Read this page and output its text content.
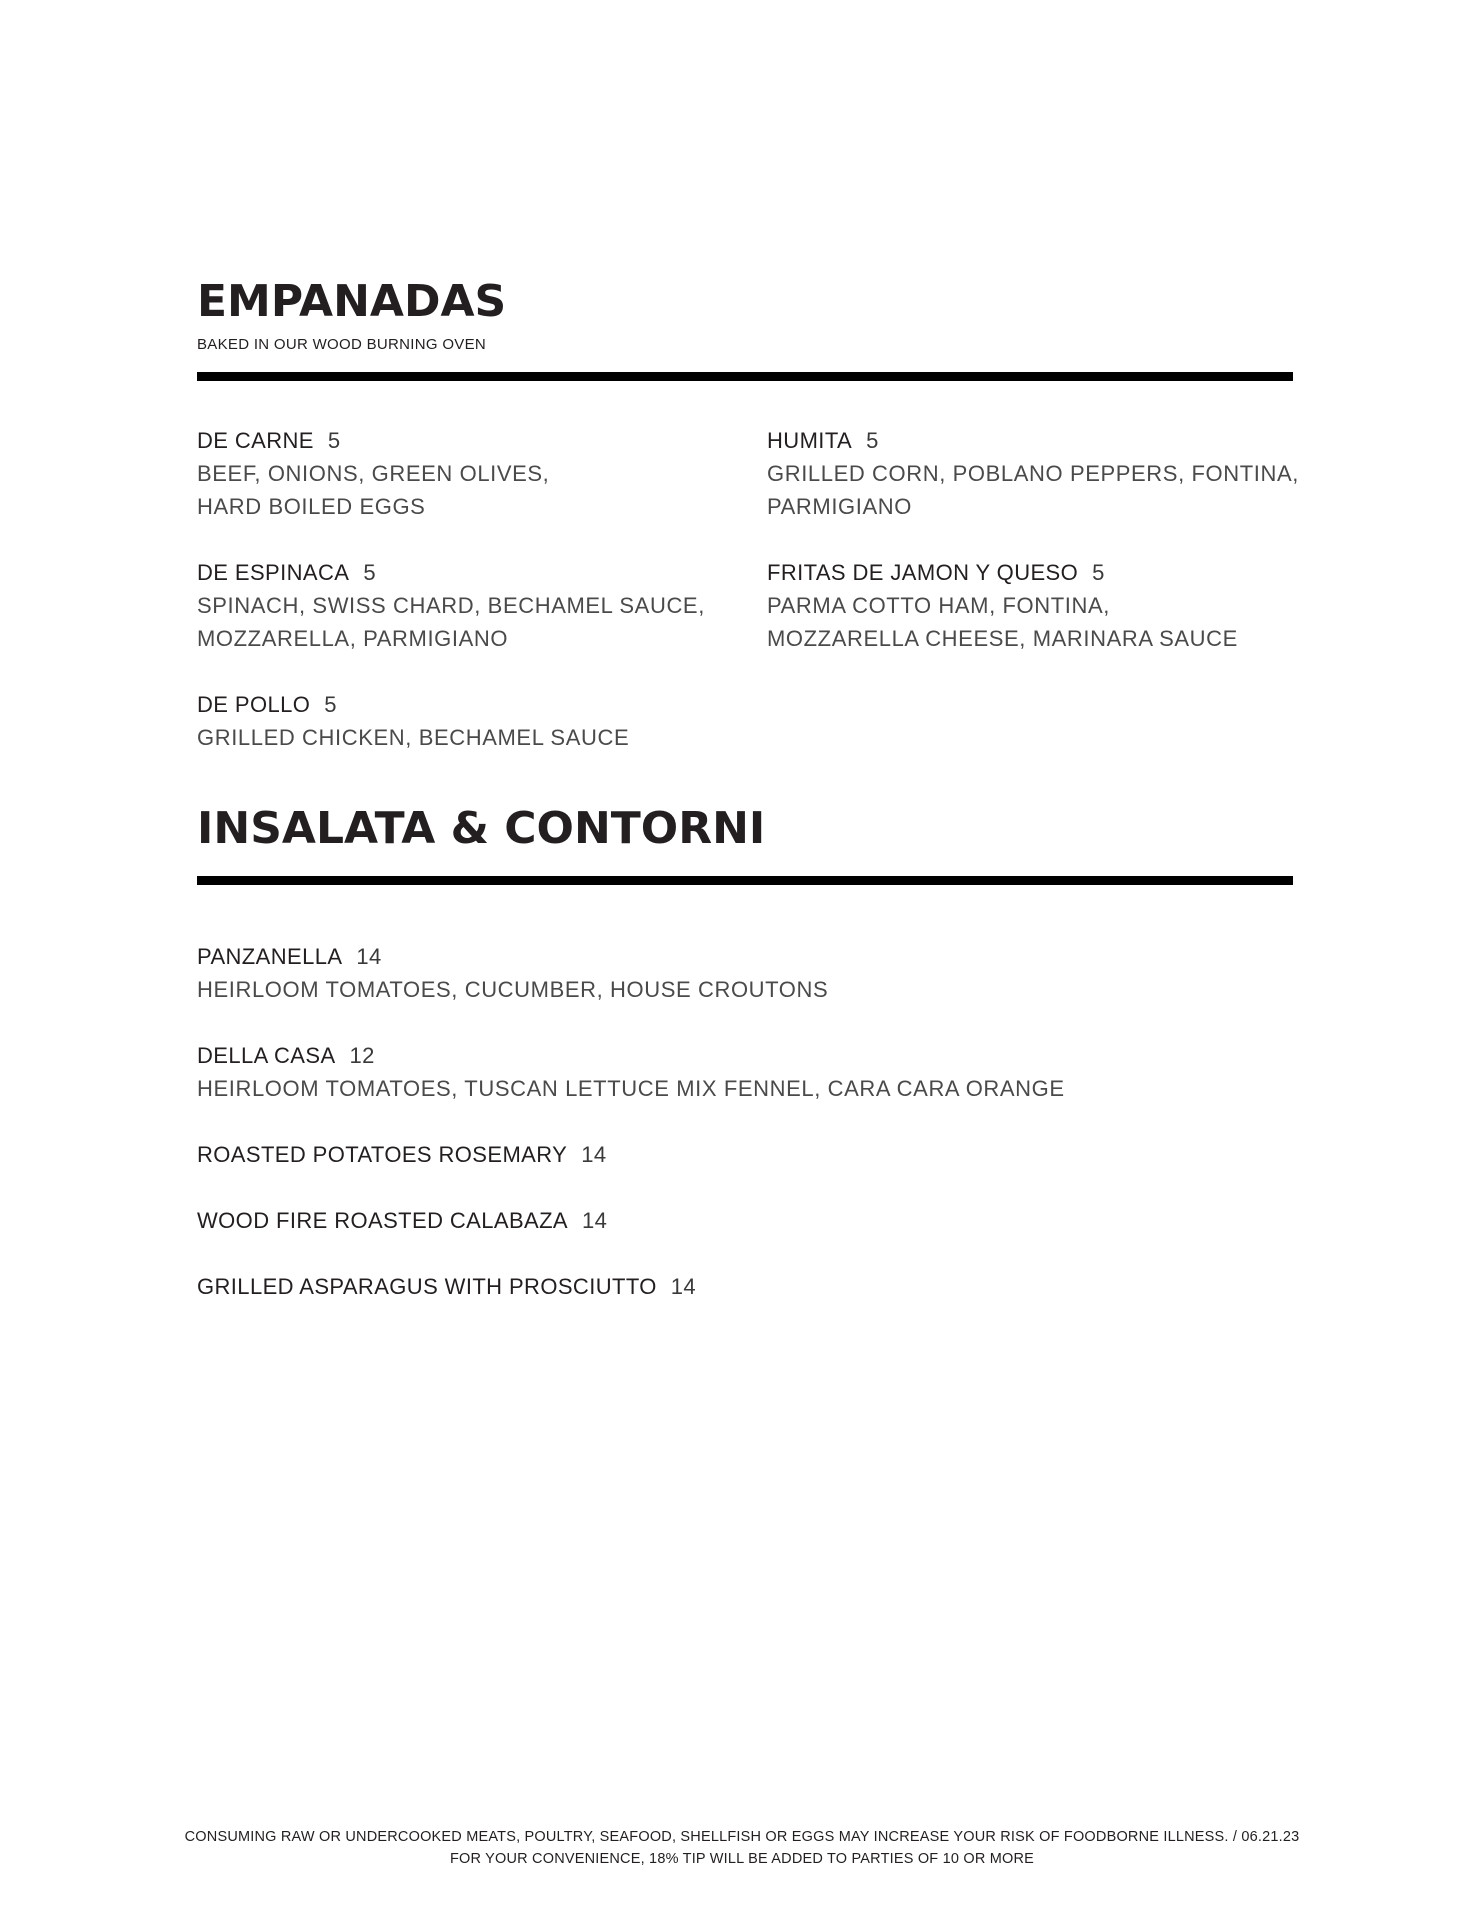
EMPANADAS
BAKED IN OUR WOOD BURNING OVEN
DE CARNE 5
BEEF, ONIONS, GREEN OLIVES,
HARD BOILED EGGS
HUMITA 5
GRILLED CORN, POBLANO PEPPERS, FONTINA,
PARMIGIANO
DE ESPINACA 5
SPINACH, SWISS CHARD, BECHAMEL SAUCE,
MOZZARELLA, PARMIGIANO
FRITAS DE JAMON Y QUESO 5
PARMA COTTO HAM, FONTINA,
MOZZARELLA CHEESE, MARINARA SAUCE
DE POLLO 5
GRILLED CHICKEN, BECHAMEL SAUCE
INSALATA & CONTORNI
PANZANELLA 14
HEIRLOOM TOMATOES, CUCUMBER, HOUSE CROUTONS
DELLA CASA 12
HEIRLOOM TOMATOES, TUSCAN LETTUCE MIX FENNEL, CARA CARA ORANGE
ROASTED POTATOES ROSEMARY 14
WOOD FIRE ROASTED CALABAZA 14
GRILLED ASPARAGUS WITH PROSCIUTTO 14
CONSUMING RAW OR UNDERCOOKED MEATS, POULTRY, SEAFOOD, SHELLFISH OR EGGS MAY INCREASE YOUR RISK OF FOODBORNE ILLNESS. / 06.21.23
FOR YOUR CONVENIENCE, 18% TIP WILL BE ADDED TO PARTIES OF 10 OR MORE
